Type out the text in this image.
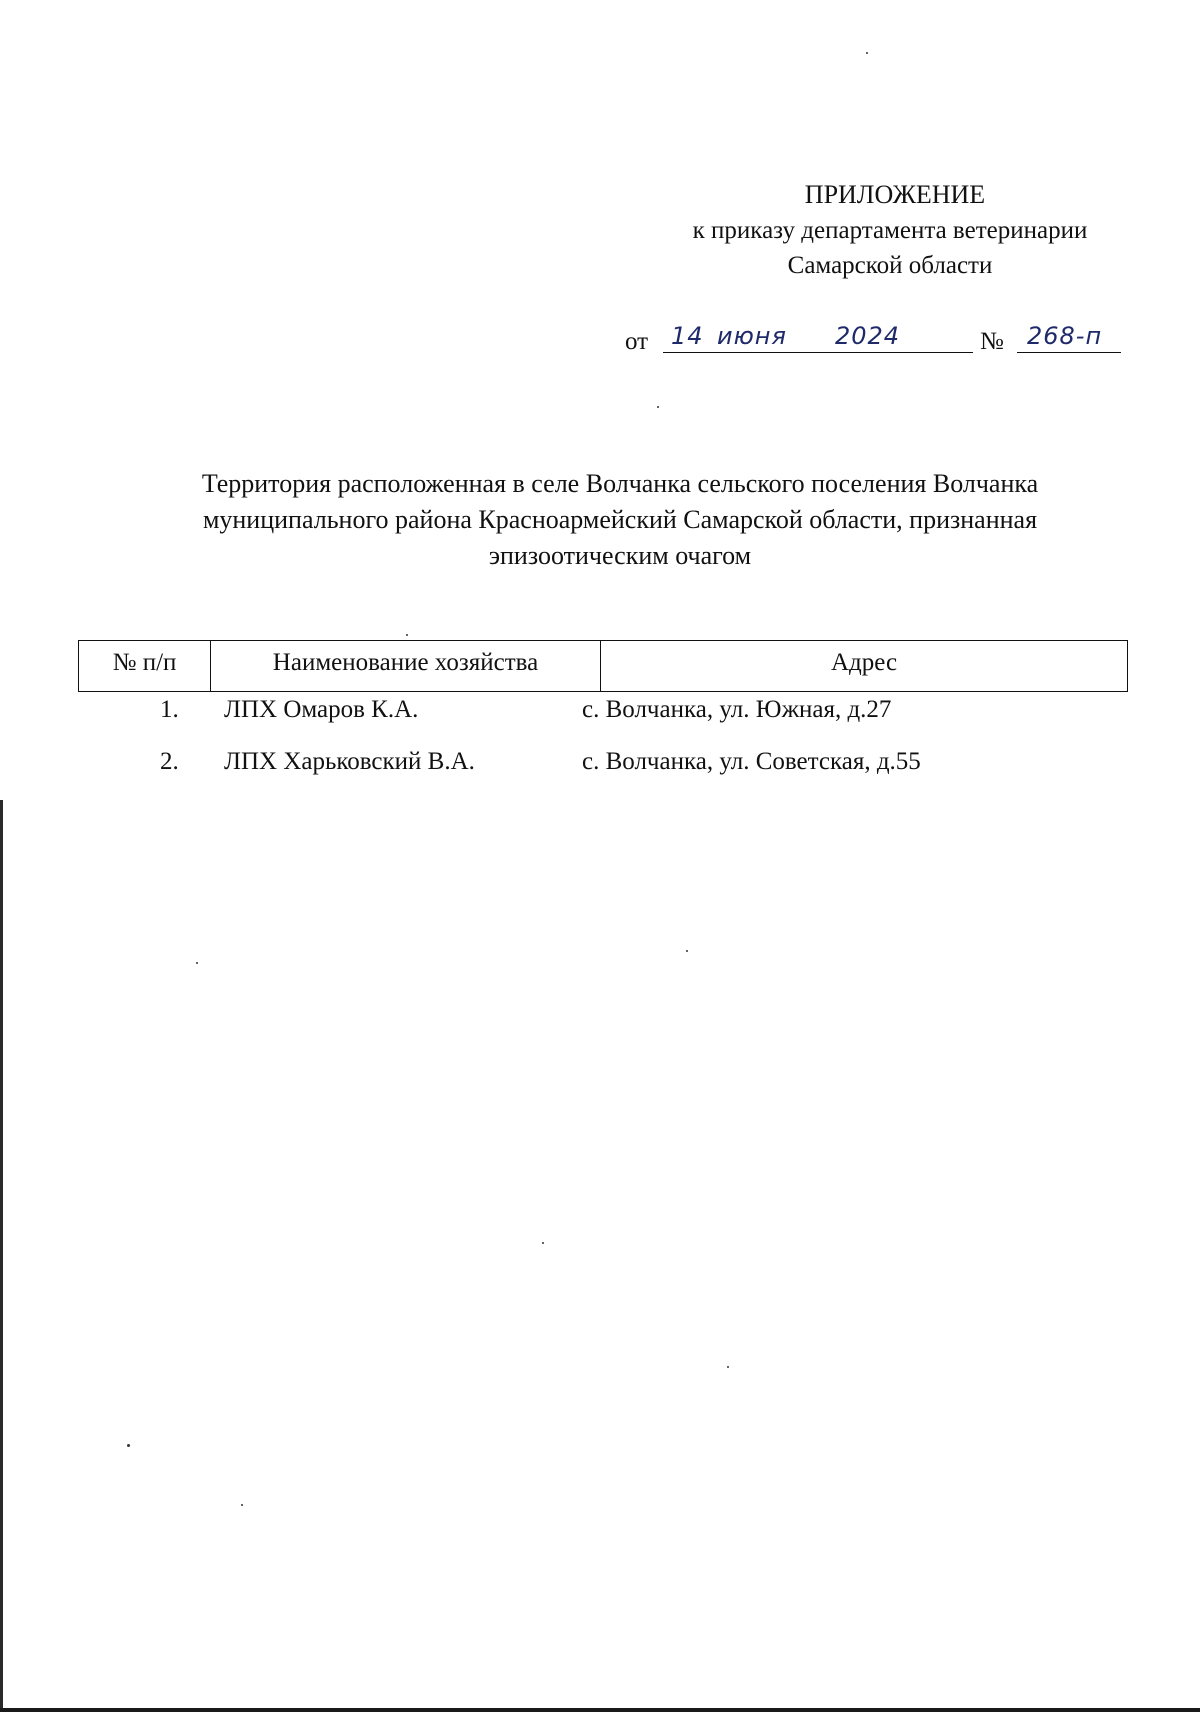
ПРИЛОЖЕНИЕ
к приказу департамента ветеринарии
Самарской области
от 14 июня 2024	№ 268-п
Территория расположенная в селе Волчанка сельского поселения Волчанка
муниципального района Красноармейский Самарской области, признанная
эпизоотическим очагом
№ п/п	Наименование хозяйства	Адрес
1.	ЛПХ Омаров К.А.	с. Волчанка, ул. Южная, д.27
2.	ЛПХ Харьковский В.А.	с. Волчанка, ул. Советская, д.55
